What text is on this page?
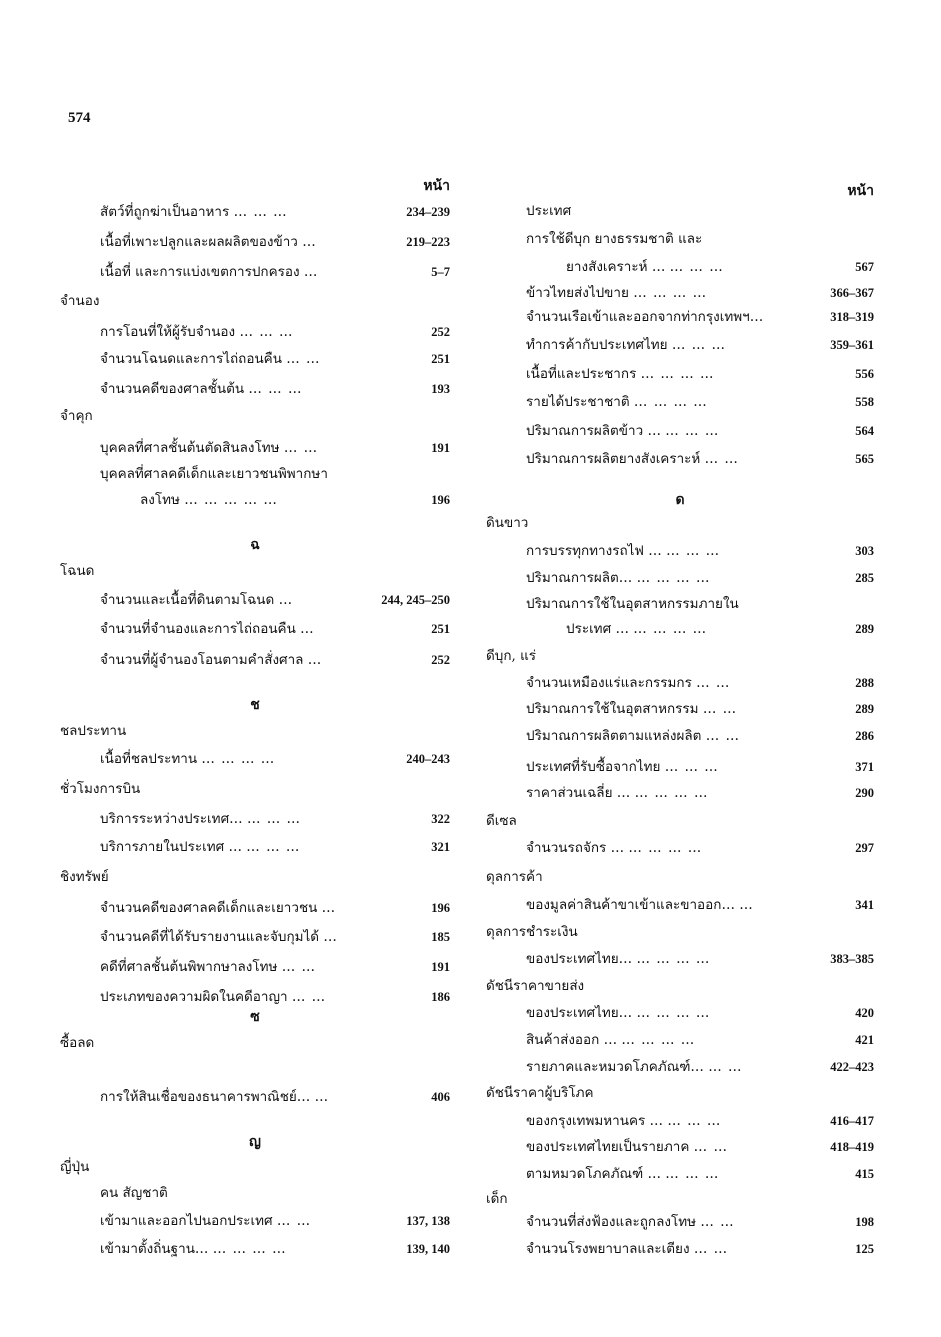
574
หน้า
สัตว์ที่ถูกฆ่าเป็นอาหาร … … …	234–239
เนื้อที่เพาะปลูกและผลผลิตของข้าว …	219–223
เนื้อที่ และการแบ่งเขตการปกครอง …	5–7
จำนอง
การโอนที่ให้ผู้รับจำนอง … … …	252
จำนวนโฉนดและการไถ่ถอนคืน … …	251
จำนวนคดีของศาลชั้นต้น … … …	193
จำคุก
บุคคลที่ศาลชั้นต้นตัดสินลงโทษ … …	191
บุคคลที่ศาลคดีเด็กและเยาวชนพิพากษา
ลงโทษ … … … … …	196
ฉ
โฉนด
จำนวนและเนื้อที่ดินตามโฉนด …	244, 245–250
จำนวนที่จำนองและการไถ่ถอนคืน …	251
จำนวนที่ผู้จำนองโอนตามคำสั่งศาล …	252
ช
ชลประทาน
เนื้อที่ชลประทาน … … … …	240–243
ชั่วโมงการบิน
บริการระหว่างประเทศ… … … …	322
บริการภายในประเทศ … … … …	321
ชิงทรัพย์
จำนวนคดีของศาลคดีเด็กและเยาวชน …	196
จำนวนคดีที่ได้รับรายงานและจับกุมได้ …	185
คดีที่ศาลชั้นต้นพิพากษาลงโทษ … …	191
ประเภทของความผิดในคดีอาญา … …	186
ซ
ซื้อลด
การให้สินเชื่อของธนาคารพาณิชย์… …	406
ญ
ญี่ปุ่น
คน สัญชาติ
เข้ามาและออกไปนอกประเทศ … …	137, 138
เข้ามาตั้งถิ่นฐาน… … … … …	139, 140
หน้า
ประเทศ
การใช้ดีบุก ยางธรรมชาติ และ
ยางสังเคราะห์ … … … …	567
ข้าวไทยส่งไปขาย … … … …	366–367
จำนวนเรือเข้าและออกจากท่ากรุงเทพฯ…	318–319
ทำการค้ากับประเทศไทย … … …	359–361
เนื้อที่และประชากร … … … …	556
รายได้ประชาชาติ … … … …	558
ปริมาณการผลิตข้าว … … … …	564
ปริมาณการผลิตยางสังเคราะห์ … …	565
ด
ดินขาว
การบรรทุกทางรถไฟ … … … …	303
ปริมาณการผลิต… … … … …	285
ปริมาณการใช้ในอุตสาหกรรมภายใน
ประเทศ … … … … …	289
ดีบุก, แร่
จำนวนเหมืองแร่และกรรมกร … …	288
ปริมาณการใช้ในอุตสาหกรรม … …	289
ปริมาณการผลิตตามแหล่งผลิต … …	286
ประเทศที่รับซื้อจากไทย … … …	371
ราคาส่วนเฉลี่ย … … … … …	290
ดีเซล
จำนวนรถจักร … … … … …	297
ดุลการค้า
ของมูลค่าสินค้าขาเข้าและขาออก… …	341
ดุลการชำระเงิน
ของประเทศไทย… … … … …	383–385
ดัชนีราคาขายส่ง
ของประเทศไทย… … … … …	420
สินค้าส่งออก … … … … …	421
รายภาคและหมวดโภคภัณฑ์… … …	422–423
ดัชนีราคาผู้บริโภค
ของกรุงเทพมหานคร … … … …	416–417
ของประเทศไทยเป็นรายภาค … …	418–419
ตามหมวดโภคภัณฑ์ … … … …	415
เด็ก
จำนวนที่ส่งฟ้องและถูกลงโทษ … …	198
จำนวนโรงพยาบาลและเตียง … …	125
